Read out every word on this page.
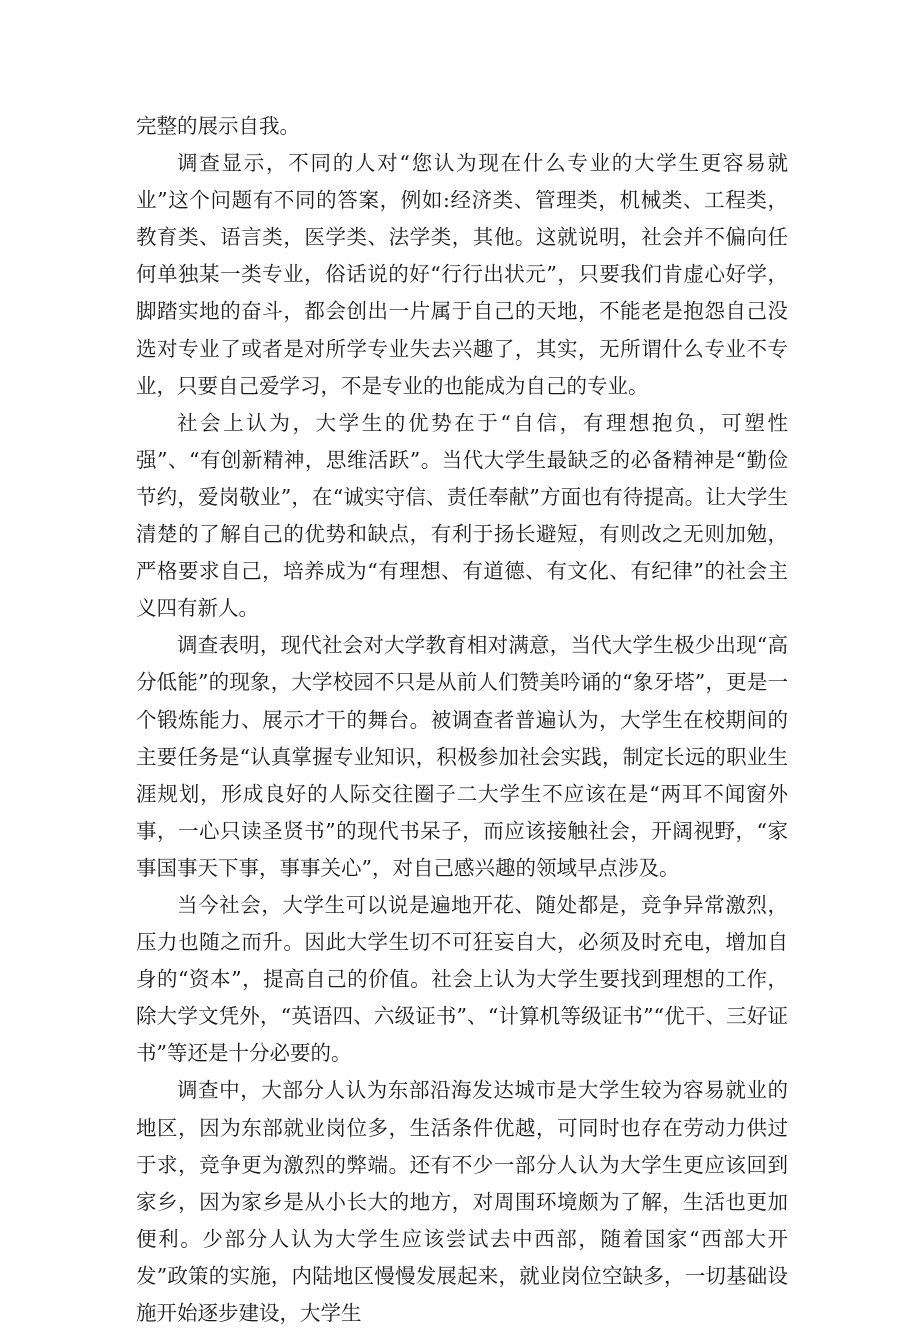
完整的展示自我。

调查显示，不同的人对“您认为现在什么专业的大学生更容易就业”这个问题有不同的答案，例如:经济类、管理类，机械类、工程类，教育类、语言类，医学类、法学类，其他。这就说明，社会并不偏向任何单独某一类专业，俗话说的好“行行出状元”，只要我们肯虚心好学，脚踏实地的奋斗，都会创出一片属于自己的天地，不能老是抱怨自己没选对专业了或者是对所学专业失去兴趣了，其实，无所谓什么专业不专业，只要自己爱学习，不是专业的也能成为自己的专业。

社会上认为，大学生的优势在于“自信，有理想抱负，可塑性强”、“有创新精神，思维活跃”。当代大学生最缺乏的必备精神是“勤俭节约，爱岗敬业”，在“诚实守信、责任奉献”方面也有待提高。让大学生清楚的了解自己的优势和缺点，有利于扬长避短，有则改之无则加勉，严格要求自己，培养成为“有理想、有道德、有文化、有纪律”的社会主义四有新人。

调查表明，现代社会对大学教育相对满意，当代大学生极少出现“高分低能”的现象，大学校园不只是从前人们赞美吟诵的“象牙塔”，更是一个锻炼能力、展示才干的舞台。被调查者普遍认为，大学生在校期间的主要任务是“认真掌握专业知识，积极参加社会实践，制定长远的职业生涯规划，形成良好的人际交往圈子二大学生不应该在是“两耳不闻窗外事，一心只读圣贤书”的现代书呆子，而应该接触社会，开阔视野，“家事国事天下事，事事关心”，对自己感兴趣的领域早点涉及。

当今社会，大学生可以说是遍地开花、随处都是，竞争异常激烈，压力也随之而升。因此大学生切不可狂妄自大，必须及时充电，增加自身的“资本”，提高自己的价值。社会上认为大学生要找到理想的工作，除大学文凭外，“英语四、六级证书”、“计算机等级证书”“优干、三好证书”等还是十分必要的。

调查中，大部分人认为东部沿海发达城市是大学生较为容易就业的地区，因为东部就业岗位多，生活条件优越，可同时也存在劳动力供过于求，竞争更为激烈的弊端。还有不少一部分人认为大学生更应该回到家乡，因为家乡是从小长大的地方，对周围环境颇为了解，生活也更加便利。少部分人认为大学生应该尝试去中西部，随着国家“西部大开发”政策的实施，内陆地区慢慢发展起来，就业岗位空缺多，一切基础设施开始逐步建设，大学生
